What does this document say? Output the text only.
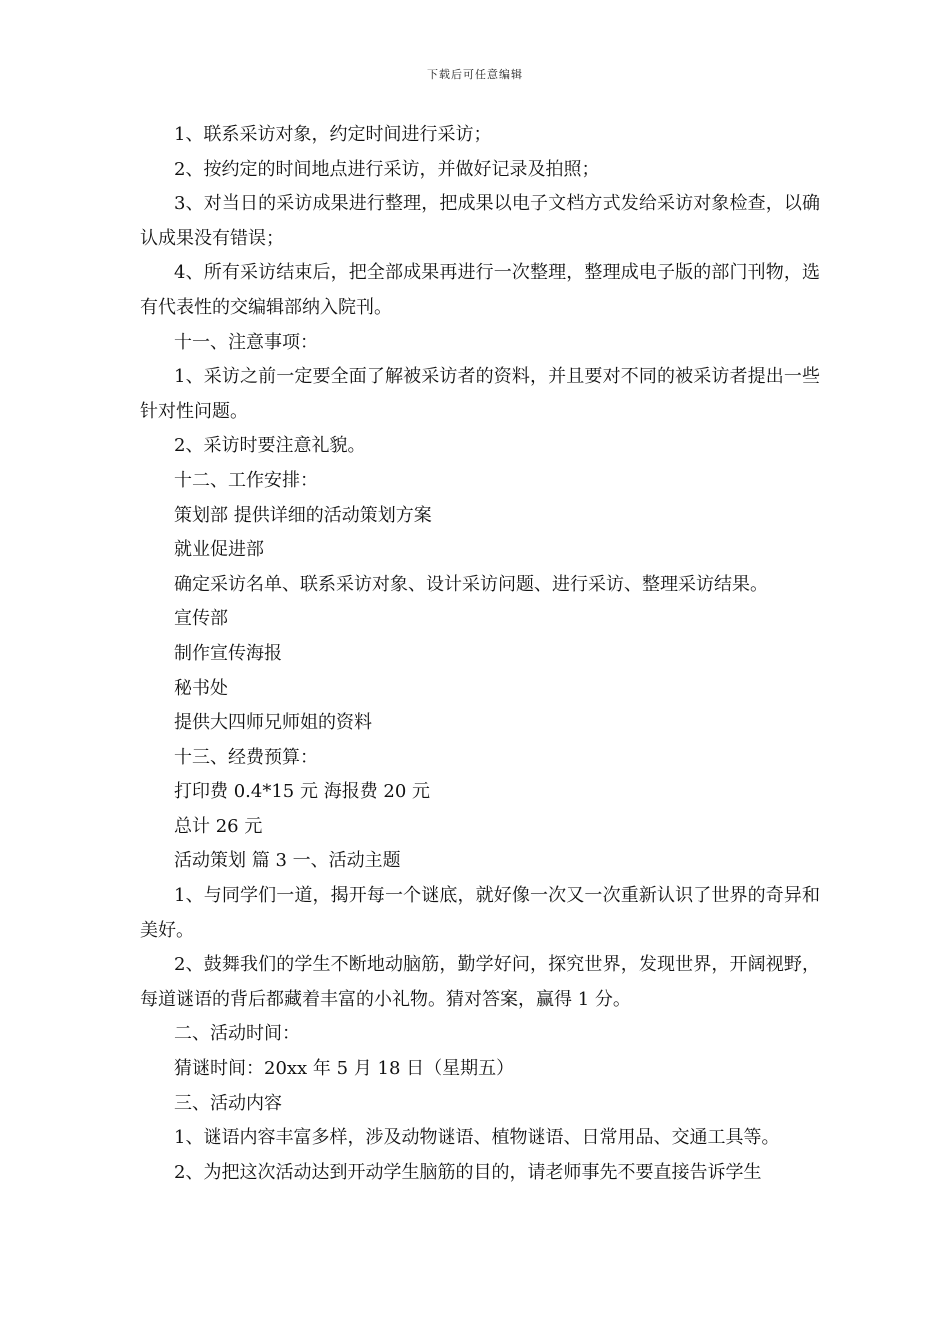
下载后可任意编辑

1、联系采访对象，约定时间进行采访；

2、按约定的时间地点进行采访，并做好记录及拍照；

3、对当日的采访成果进行整理，把成果以电子文档方式发给采访对象检查，以确认成果没有错误；

4、所有采访结束后，把全部成果再进行一次整理，整理成电子版的部门刊物，选有代表性的交编辑部纳入院刊。

十一、注意事项：

1、采访之前一定要全面了解被采访者的资料，并且要对不同的被采访者提出一些针对性问题。

2、采访时要注意礼貌。

十二、工作安排：

策划部 提供详细的活动策划方案

就业促进部

确定采访名单、联系采访对象、设计采访问题、进行采访、整理采访结果。

宣传部

制作宣传海报

秘书处

提供大四师兄师姐的资料

十三、经费预算：

打印费 0.4*15 元 海报费 20 元

总计 26 元

活动策划 篇 3 一、活动主题

1、与同学们一道，揭开每一个谜底，就好像一次又一次重新认识了世界的奇异和美好。

2、鼓舞我们的学生不断地动脑筋，勤学好问，探究世界，发现世界，开阔视野，每道谜语的背后都藏着丰富的小礼物。猜对答案，赢得 1 分。

二、活动时间：

猜谜时间：20xx 年 5 月 18 日（星期五）

三、活动内容

1、谜语内容丰富多样，涉及动物谜语、植物谜语、日常用品、交通工具等。

2、为把这次活动达到开动学生脑筋的目的，请老师事先不要直接告诉学生
